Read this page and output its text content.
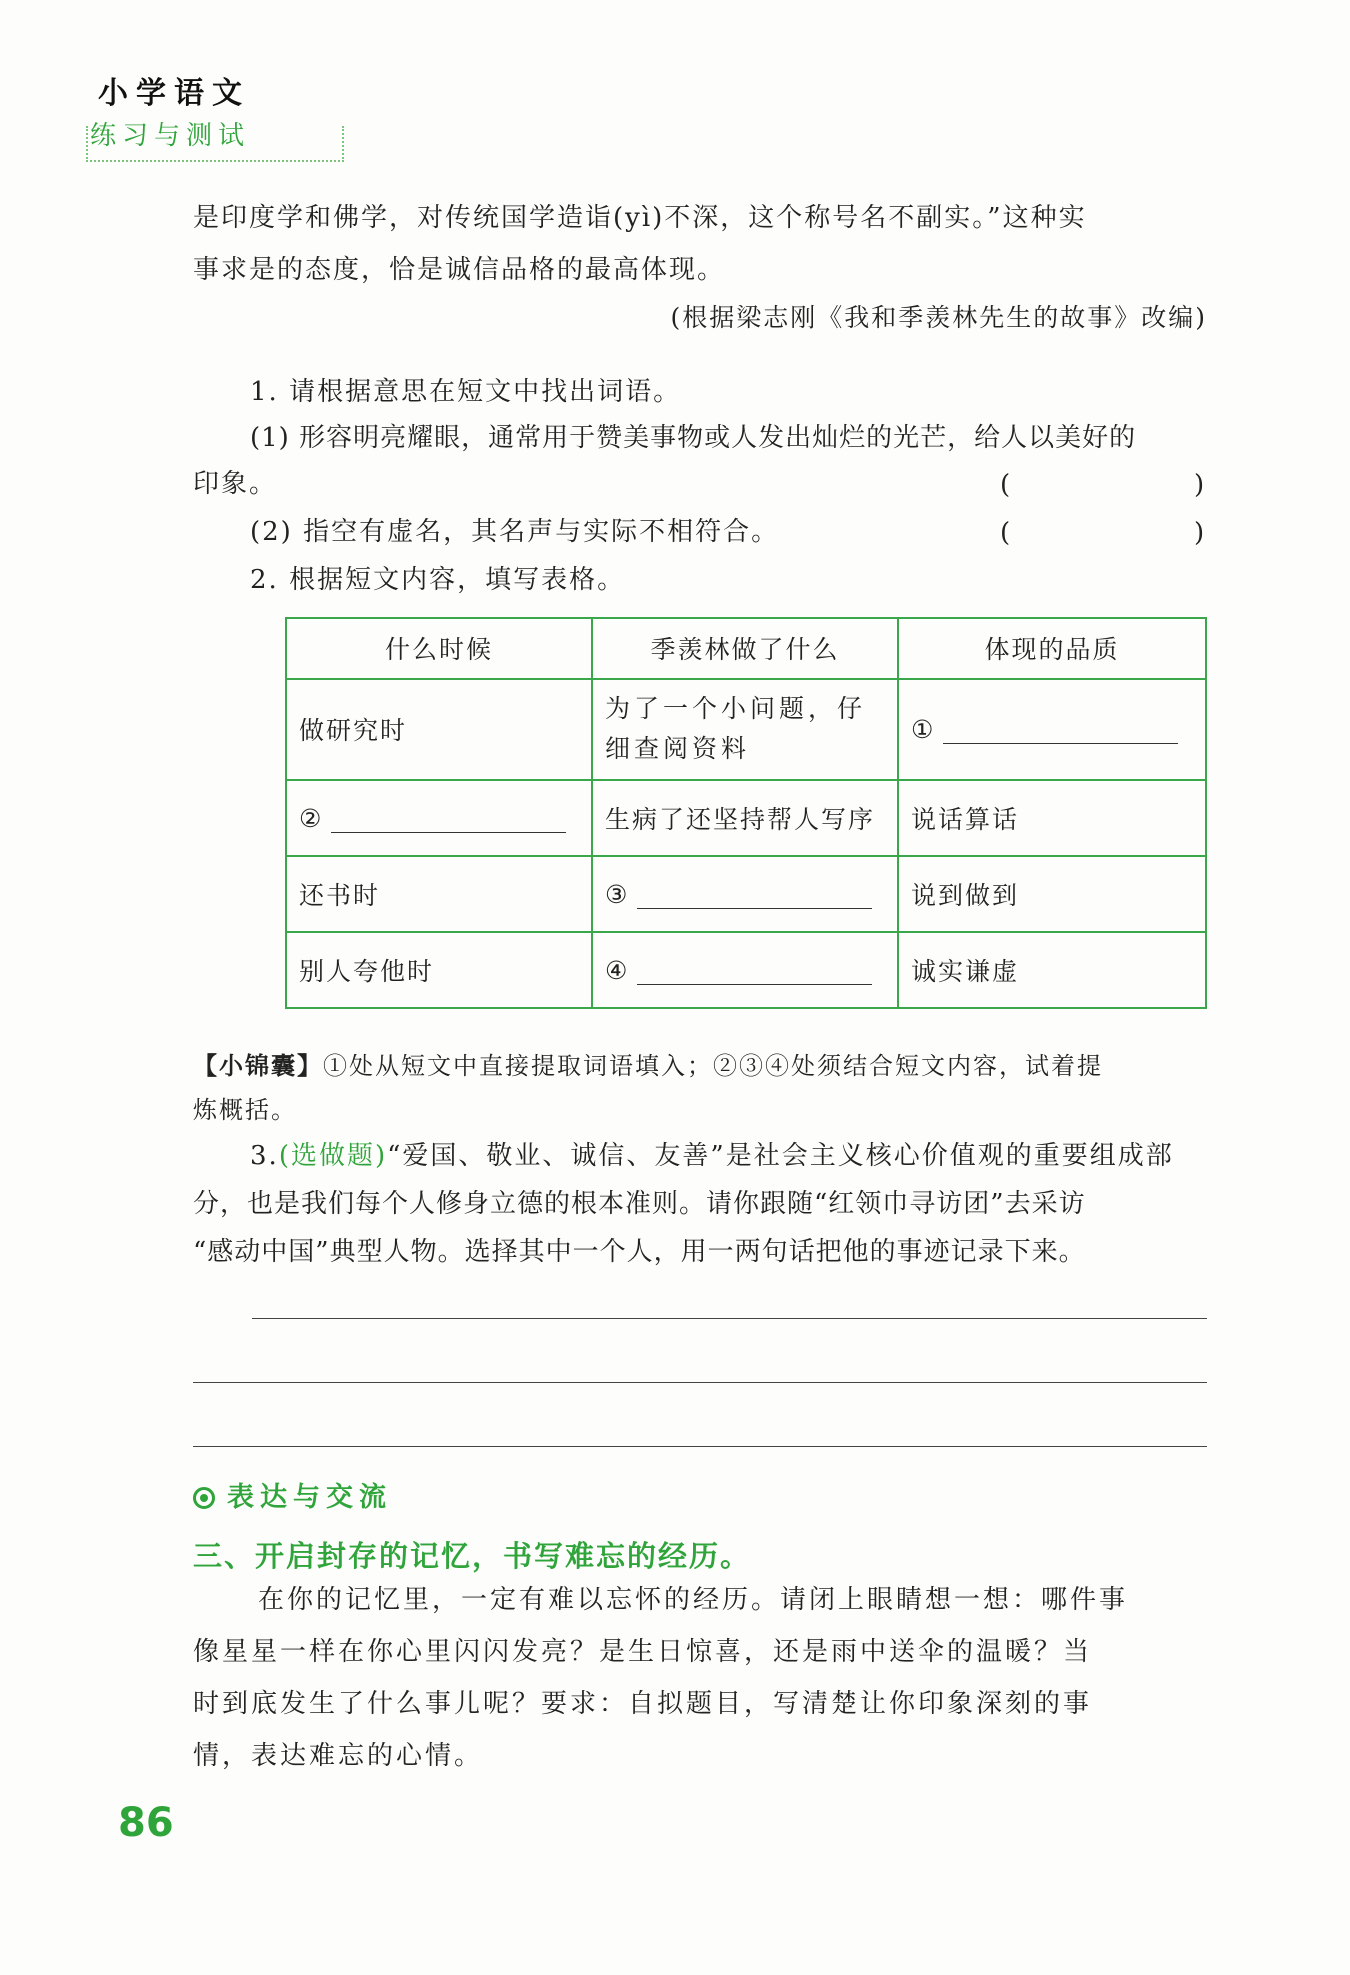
小学语文
练习与测试
是印度学和佛学，对传统国学造诣(yì)不深，这个称号名不副实。”这种实
事求是的态度，恰是诚信品格的最高体现。
(根据梁志刚《我和季羡林先生的故事》改编)
1. 请根据意思在短文中找出词语。
(1) 形容明亮耀眼，通常用于赞美事物或人发出灿烂的光芒，给人以美好的
印象。	(	)
(2) 指空有虚名，其名声与实际不相符合。	(	)
2. 根据短文内容，填写表格。
什么时候	季羡林做了什么	体现的品质
做研究时	为了一个小问题，仔细查阅资料	①
②	生病了还坚持帮人写序	说话算话
还书时	③	说到做到
别人夸他时	④	诚实谦虚
【小锦囊】①处从短文中直接提取词语填入；②③④处须结合短文内容，试着提
炼概括。
3.(选做题)“爱国、敬业、诚信、友善”是社会主义核心价值观的重要组成部
分，也是我们每个人修身立德的根本准则。请你跟随“红领巾寻访团”去采访
“感动中国”典型人物。选择其中一个人，用一两句话把他的事迹记录下来。
表达与交流
三、开启封存的记忆，书写难忘的经历。
在你的记忆里，一定有难以忘怀的经历。请闭上眼睛想一想：哪件事
像星星一样在你心里闪闪发亮？是生日惊喜，还是雨中送伞的温暖？当
时到底发生了什么事儿呢？要求：自拟题目，写清楚让你印象深刻的事
情，表达难忘的心情。
86
